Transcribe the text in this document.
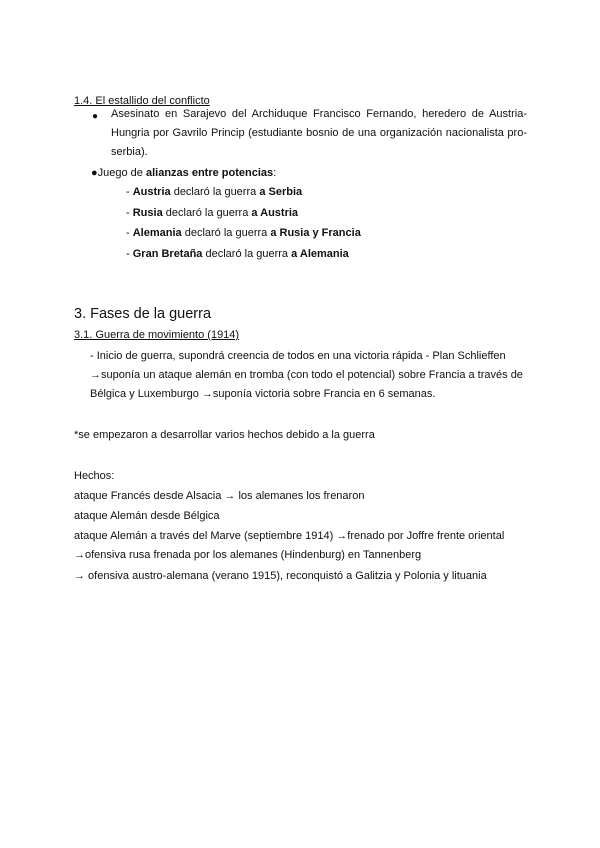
1.4. El estallido del conflicto
● Asesinato en Sarajevo del Archiduque Francisco Fernando, heredero de Austria-Hungria por Gavrilo Princip (estudiante bosnio de una organización nacionalista pro-serbia).
●Juego de alianzas entre potencias:
- Austria declaró la guerra a Serbia
- Rusia declaró la guerra a Austria
- Alemania declaró la guerra a Rusia y Francia
- Gran Bretaña declaró la guerra a Alemania
3. Fases de la guerra
3.1. Guerra de movimiento (1914)
- Inicio de guerra, supondrá creencia de todos en una victoria rápida - Plan Schlieffen
→suponía un ataque alemán en tromba (con todo el potencial) sobre Francia a través de
Bélgica y Luxemburgo →suponía victoria sobre Francia en 6 semanas.
*se empezaron a desarrollar varios hechos debido a la guerra
Hechos:
ataque Francés desde Alsacia → los alemanes los frenaron
ataque Alemán desde Bélgica
ataque Alemán a través del Marve (septiembre 1914) →frenado por Joffre frente oriental
→ofensiva rusa frenada por los alemanes (Hindenburg) en Tannenberg
→ ofensiva austro-alemana (verano 1915), reconquistó a Galitzia y Polonia y lituania
